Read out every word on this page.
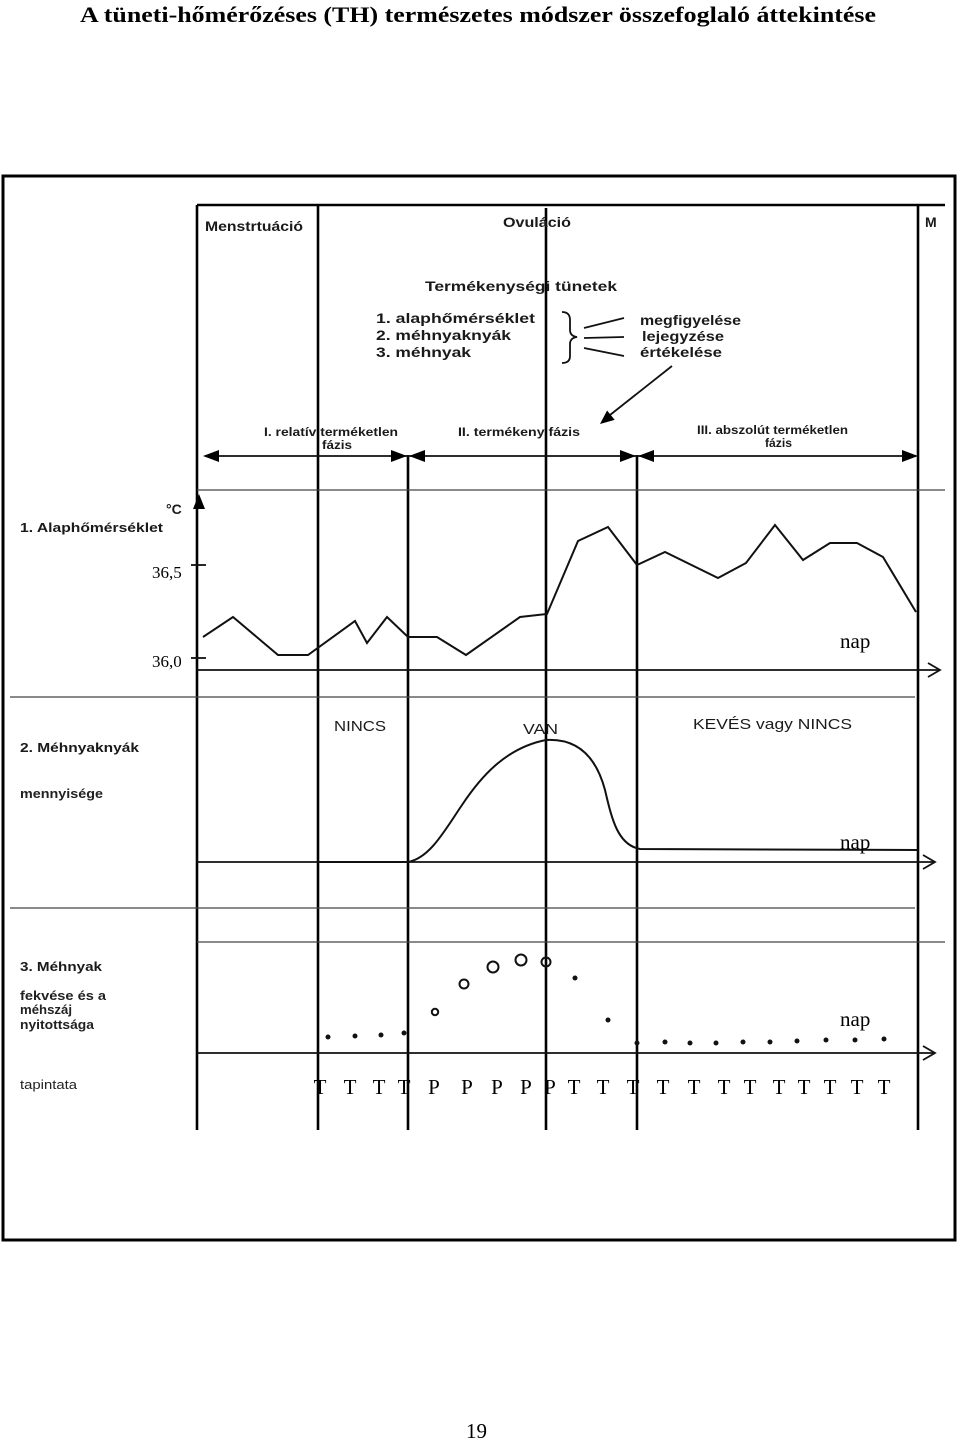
A tüneti-hőmérőzéses (TH) természetes módszer összefoglaló áttekintése
Menstrtuáció	Ovuláció	M
Termékenységi tünetek
1. alaphőmérséklet
2. méhnyaknyák
3. méhnyak
megfigyelése
lejegyzése
értékelése
I. relatív terméketlen
fázis
II. termékeny fázis	III. abszolút terméketlen
fázis
°C
1. Alaphőmérséklet
36,5
36,0
nap
NINCS	VAN	KEVÉS vagy NINCS
2. Méhnyaknyák
mennyisége
nap
3. Méhnyak
fekvése és a
méhszáj
nyitottsága	nap
tapintata	T T T T P P P P P T T T T T T T T T T T T
19
